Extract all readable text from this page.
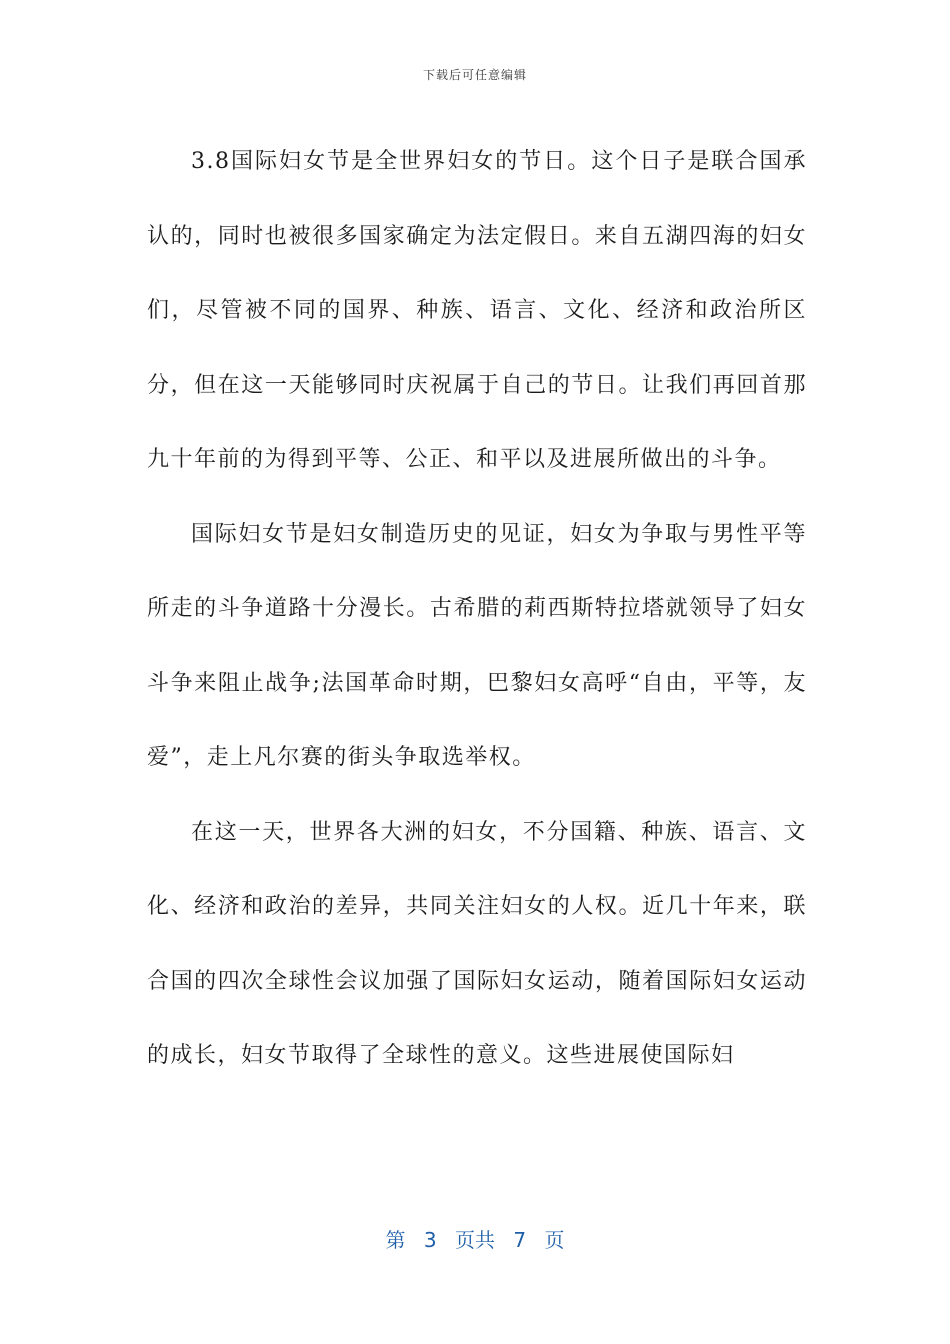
下载后可任意编辑

3.8国际妇女节是全世界妇女的节日。这个日子是联合国承认的，同时也被很多国家确定为法定假日。来自五湖四海的妇女们，尽管被不同的国界、种族、语言、文化、经济和政治所区分，但在这一天能够同时庆祝属于自己的节日。让我们再回首那九十年前的为得到平等、公正、和平以及进展所做出的斗争。

国际妇女节是妇女制造历史的见证，妇女为争取与男性平等所走的斗争道路十分漫长。古希腊的莉西斯特拉塔就领导了妇女斗争来阻止战争;法国革命时期，巴黎妇女高呼“自由，平等，友爱”，走上凡尔赛的街头争取选举权。

在这一天，世界各大洲的妇女，不分国籍、种族、语言、文化、经济和政治的差异，共同关注妇女的人权。近几十年来，联合国的四次全球性会议加强了国际妇女运动，随着国际妇女运动的成长，妇女节取得了全球性的意义。这些进展使国际妇

第 3 页共 7 页
